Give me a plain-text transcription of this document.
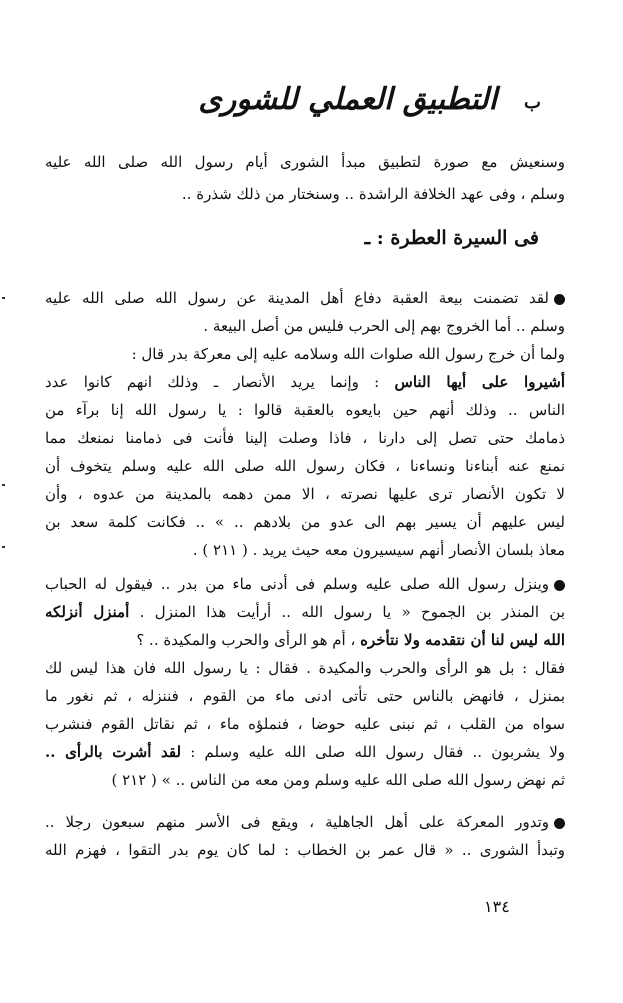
التطبيق العملي للشورى ب
وسنعيش مع صورة لتطبيق مبدأ الشورى أيام رسول الله صلى الله عليه
وسلم ، وفى عهد الخلافة الراشدة .. وسنختار من ذلك شذرة ..
فى السيرة العطرة : ـ
لقد تضمنت بيعة العقبة دفاع أهل المدينة عن رسول الله صلى الله عليه
وسلم .. أما الخروج بهم إلى الحرب فليس من أصل البيعة .
ولما أن خرج رسول الله صلوات الله وسلامه عليه إلى معركة بدر قال :
أشيروا على أيها الناس : وإنما يريد الأنصار ـ وذلك انهم كانوا عدد
الناس .. وذلك أنهم حين بايعوه بالعقبة قالوا : يا رسول الله إنا برآء من
ذمامك حتى تصل إلى دارنا ، فاذا وصلت إلينا فأنت فى ذمامنا نمنعك مما
نمنع عنه أبناءنا ونساءنا ، فكان رسول الله صلى الله عليه وسلم يتخوف أن
لا تكون الأنصار ترى عليها نصرته ، الا ممن دهمه بالمدينة من عدوه ، وأن
ليس عليهم أن يسير بهم الى عدو من بلادهم .. » .. فكانت كلمة سعد بن
معاذ بلسان الأنصار أنهم سيسيرون معه حيث يريد . ( ٢١١ ) .
وينزل رسول الله صلى عليه وسلم فى أدنى ماء من بدر .. فيقول له الحباب
بن المنذر بن الجموح « يا رسول الله .. أرأيت هذا المنزل . أمنزل أنزلكه
الله ليس لنا أن نتقدمه ولا نتأخره ، أم هو الرأى والحرب والمكيدة .. ؟
فقال : بل هو الرأى والحرب والمكيدة . فقال : يا رسول الله فان هذا ليس لك
بمنزل ، فانهض بالناس حتى تأتى ادنى ماء من القوم ، فننزله ، ثم نغور ما
سواه من القلب ، ثم نبنى عليه حوضا ، فنملؤه ماء ، ثم نقاتل القوم فنشرب
ولا يشربون .. فقال رسول الله صلى الله عليه وسلم : لقد أشرت بالرأى ..
ثم نهض رسول الله صلى الله عليه وسلم ومن معه من الناس .. » ( ٢١٢ )
وتدور المعركة على أهل الجاهلية ، ويقع فى الأسر منهم سبعون رجلا ..
وتبدأ الشورى .. « قال عمر بن الخطاب : لما كان يوم بدر التقوا ، فهزم الله
١٣٤
